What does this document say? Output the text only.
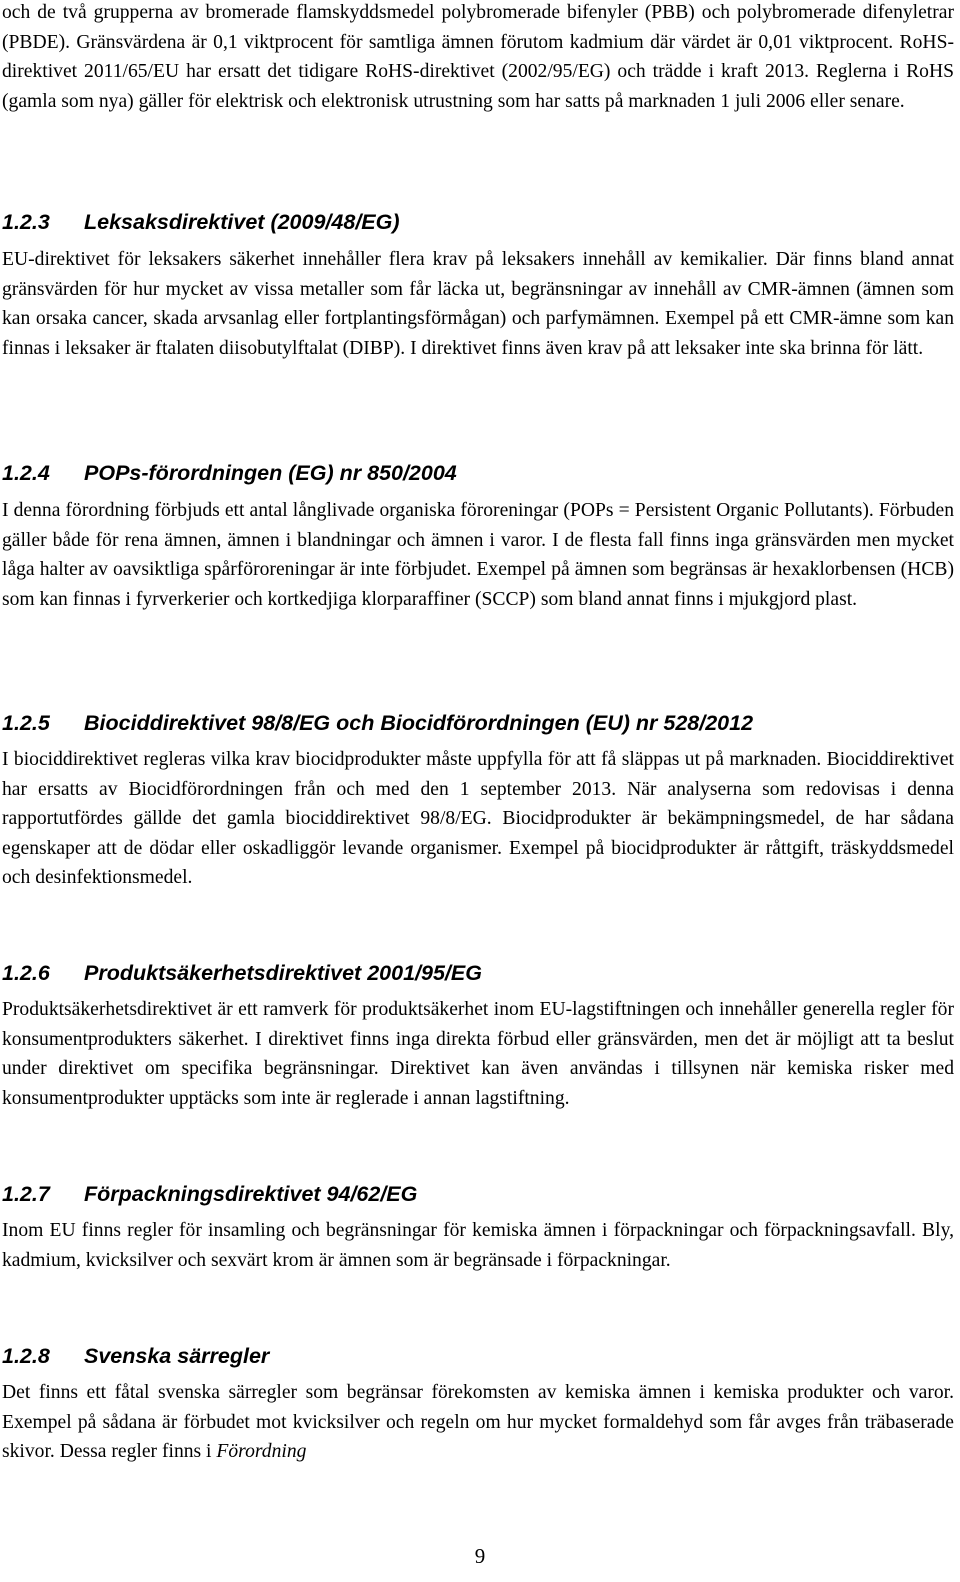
och de två grupperna av bromerade flamskyddsmedel polybromerade bifenyler (PBB) och polybromerade difenyletrar (PBDE). Gränsvärdena är 0,1 viktprocent för samtliga ämnen förutom kadmium där värdet är 0,01 viktprocent. RoHS- direktivet 2011/65/EU har ersatt det tidigare RoHS-direktivet (2002/95/EG) och trädde i kraft 2013. Reglerna i RoHS (gamla som nya) gäller för elektrisk och elektronisk utrustning som har satts på marknaden 1 juli 2006 eller senare.

1.2.3 Leksaksdirektivet (2009/48/EG)

EU-direktivet för leksakers säkerhet innehåller flera krav på leksakers innehåll av kemikalier. Där finns bland annat gränsvärden för hur mycket av vissa metaller som får läcka ut, begränsningar av innehåll av CMR-ämnen (ämnen som kan orsaka cancer, skada arvsanlag eller fortplantingsförmågan) och parfymämnen. Exempel på ett CMR-ämne som kan finnas i leksaker är ftalaten diisobutylftalat (DIBP). I direktivet finns även krav på att leksaker inte ska brinna för lätt.

1.2.4 POPs-förordningen (EG) nr 850/2004

I denna förordning förbjuds ett antal långlivade organiska föroreningar (POPs = Persistent Organic Pollutants). Förbuden gäller både för rena ämnen, ämnen i blandningar och ämnen i varor. I de flesta fall finns inga gränsvärden men mycket låga halter av oavsiktliga spårföroreningar är inte förbjudet. Exempel på ämnen som begränsas är hexaklorbensen (HCB) som kan finnas i fyrverkerier och kortkedjiga klorparaffiner (SCCP) som bland annat finns i mjukgjord plast.

1.2.5 Biociddirektivet 98/8/EG och Biocidförordningen (EU) nr 528/2012

I biociddirektivet regleras vilka krav biocidprodukter måste uppfylla för att få släppas ut på marknaden. Biociddirektivet har ersatts av Biocidförordningen från och med den 1 september 2013. När analyserna som redovisas i denna rapportutfördes gällde det gamla biociddirektivet 98/8/EG. Biocidprodukter är bekämpningsmedel, de har sådana egenskaper att de dödar eller oskadliggör levande organismer. Exempel på biocidprodukter är råttgift, träskyddsmedel och desinfektionsmedel.

1.2.6 Produktsäkerhetsdirektivet 2001/95/EG

Produktsäkerhetsdirektivet är ett ramverk för produktsäkerhet inom EU-lagstiftningen och innehåller generella regler för konsumentprodukters säkerhet. I direktivet finns inga direkta förbud eller gränsvärden, men det är möjligt att ta beslut under direktivet om specifika begränsningar. Direktivet kan även användas i tillsynen när kemiska risker med konsumentprodukter upptäcks som inte är reglerade i annan lagstiftning.

1.2.7 Förpackningsdirektivet 94/62/EG

Inom EU finns regler för insamling och begränsningar för kemiska ämnen i förpackningar och förpackningsavfall. Bly, kadmium, kvicksilver och sexvärt krom är ämnen som är begränsade i förpackningar.

1.2.8 Svenska särregler

Det finns ett fåtal svenska särregler som begränsar förekomsten av kemiska ämnen i kemiska produkter och varor. Exempel på sådana är förbudet mot kvicksilver och regeln om hur mycket formaldehyd som får avges från träbaserade skivor. Dessa regler finns i Förordning

9
